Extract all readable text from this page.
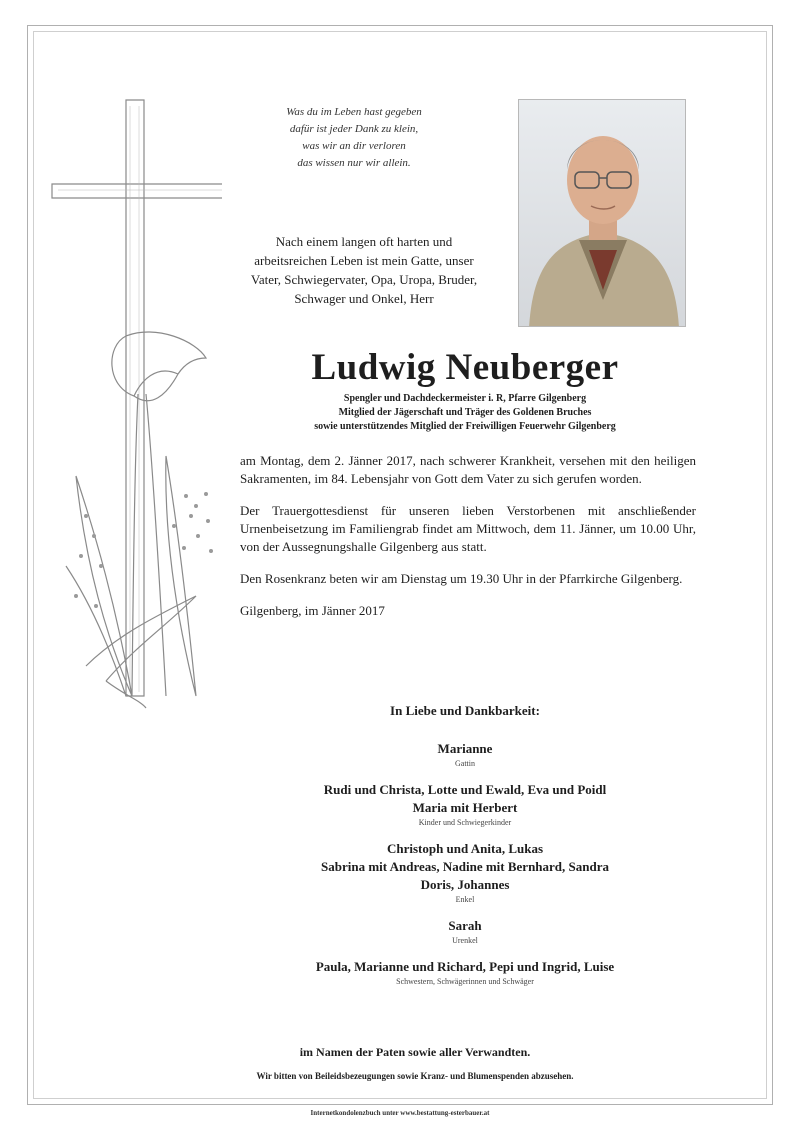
Was du im Leben hast gegeben
dafür ist jeder Dank zu klein,
was wir an dir verloren
das wissen nur wir allein.
Nach einem langen oft harten und
arbeitsreichen Leben ist mein Gatte, unser
Vater, Schwiegervater, Opa, Uropa, Bruder,
Schwager und Onkel, Herr
Ludwig Neuberger
Spengler und Dachdeckermeister i. R, Pfarre Gilgenberg
Mitglied der Jägerschaft und Träger des Goldenen Bruches
sowie unterstützendes Mitglied der Freiwilligen Feuerwehr Gilgenberg

am Montag, dem 2. Jänner 2017, nach schwerer Krankheit, versehen mit den heiligen Sakramenten, im 84. Lebensjahr von Gott dem Vater zu sich gerufen worden.

Der Trauergottesdienst für unseren lieben Verstorbenen mit anschließender Urnenbeisetzung im Familiengrab findet am Mittwoch, dem 11. Jänner, um 10.00 Uhr, von der Aussegnungshalle Gilgenberg aus statt.

Den Rosenkranz beten wir am Dienstag um 19.30 Uhr in der Pfarrkirche Gilgenberg.

Gilgenberg, im Jänner 2017

In Liebe und Dankbarkeit:
Marianne
Gattin
Rudi und Christa, Lotte und Ewald, Eva und Poidl
Maria mit Herbert
Kinder und Schwiegerkinder
Christoph und Anita, Lukas
Sabrina mit Andreas, Nadine mit Bernhard, Sandra
Doris, Johannes
Enkel
Sarah
Urenkel
Paula, Marianne und Richard, Pepi und Ingrid, Luise
Schwestern, Schwägerinnen und Schwäger
im Namen der Paten sowie aller Verwandten.
Wir bitten von Beileidsbezeugungen sowie Kranz- und Blumenspenden abzusehen.
Internetkondolenzbuch unter www.bestattung-esterbauer.at
